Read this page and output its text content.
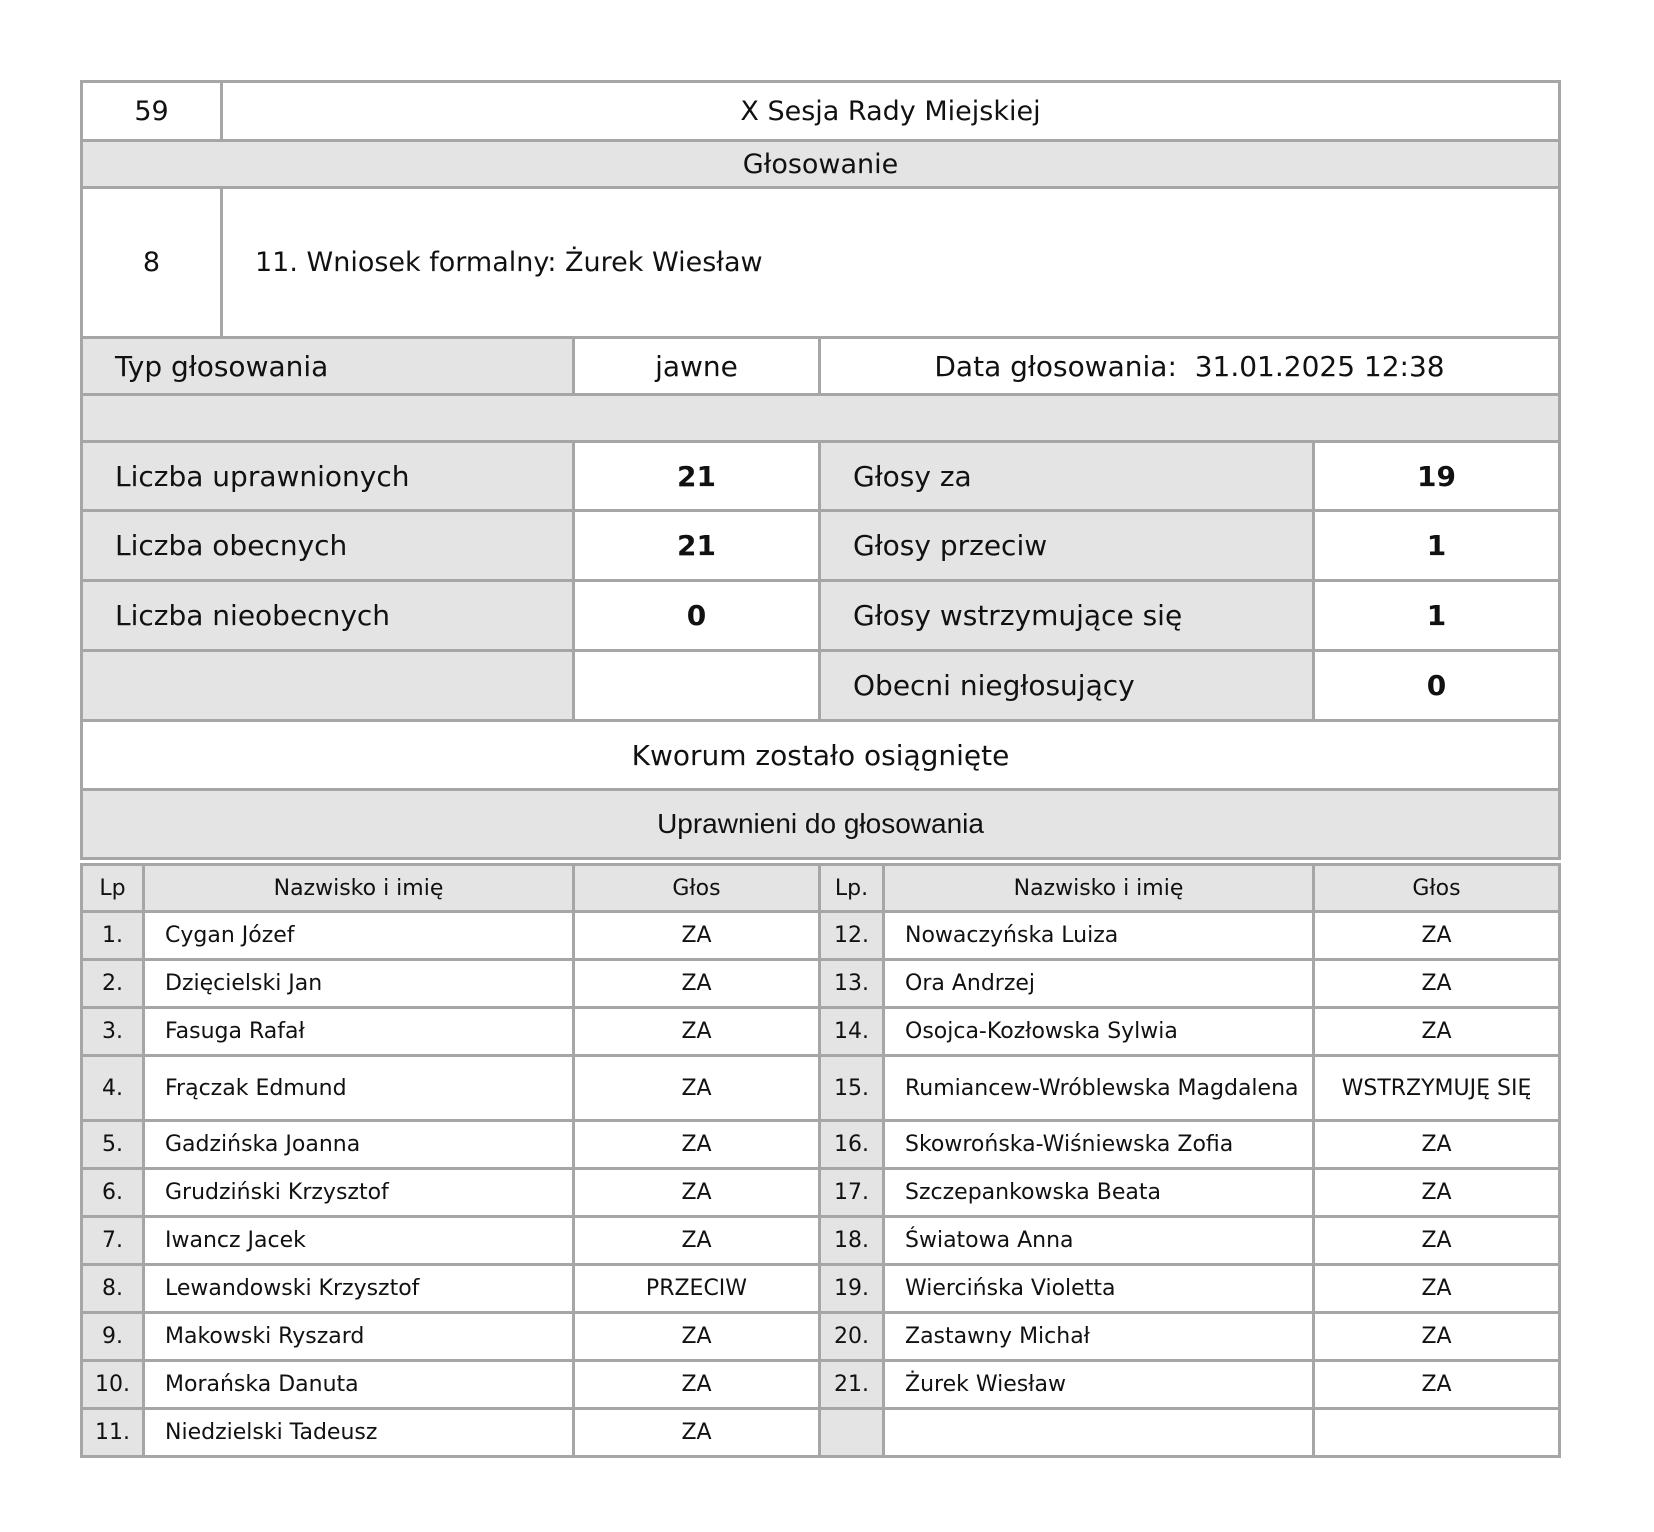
59	X Sesja Rady Miejskiej
Głosowanie	
8	11. Wniosek formalny: Żurek Wiesław
Typ głosowania	jawne	Data głosowania: 31.01.2025 12:38	

Liczba uprawnionych	21	Głosy za	19
Liczba obecnych	21	Głosy przeciw	1
Liczba nieobecnych	0	Głosy wstrzymujące się	1
		Obecni niegłosujący	0
Kworum zostało osiągnięte			
Uprawnieni do głosowania			
Lp	Nazwisko i imię	Głos	Lp.	Nazwisko i imię	Głos
1.	Cygan Józef	ZA	12.	Nowaczyńska Luiza	ZA
2.	Dzięcielski Jan	ZA	13.	Ora Andrzej	ZA
3.	Fasuga Rafał	ZA	14.	Osojca-Kozłowska Sylwia	ZA
4.	Frączak Edmund	ZA	15.	Rumiancew-Wróblewska Magdalena	WSTRZYMUJĘ SIĘ
5.	Gadzińska Joanna	ZA	16.	Skowrońska-Wiśniewska Zofia	ZA
6.	Grudziński Krzysztof	ZA	17.	Szczepankowska Beata	ZA
7.	Iwancz Jacek	ZA	18.	Światowa Anna	ZA
8.	Lewandowski Krzysztof	PRZECIW	19.	Wiercińska Violetta	ZA
9.	Makowski Ryszard	ZA	20.	Zastawny Michał	ZA
10.	Morańska Danuta	ZA	21.	Żurek Wiesław	ZA
11.	Niedzielski Tadeusz	ZA			
